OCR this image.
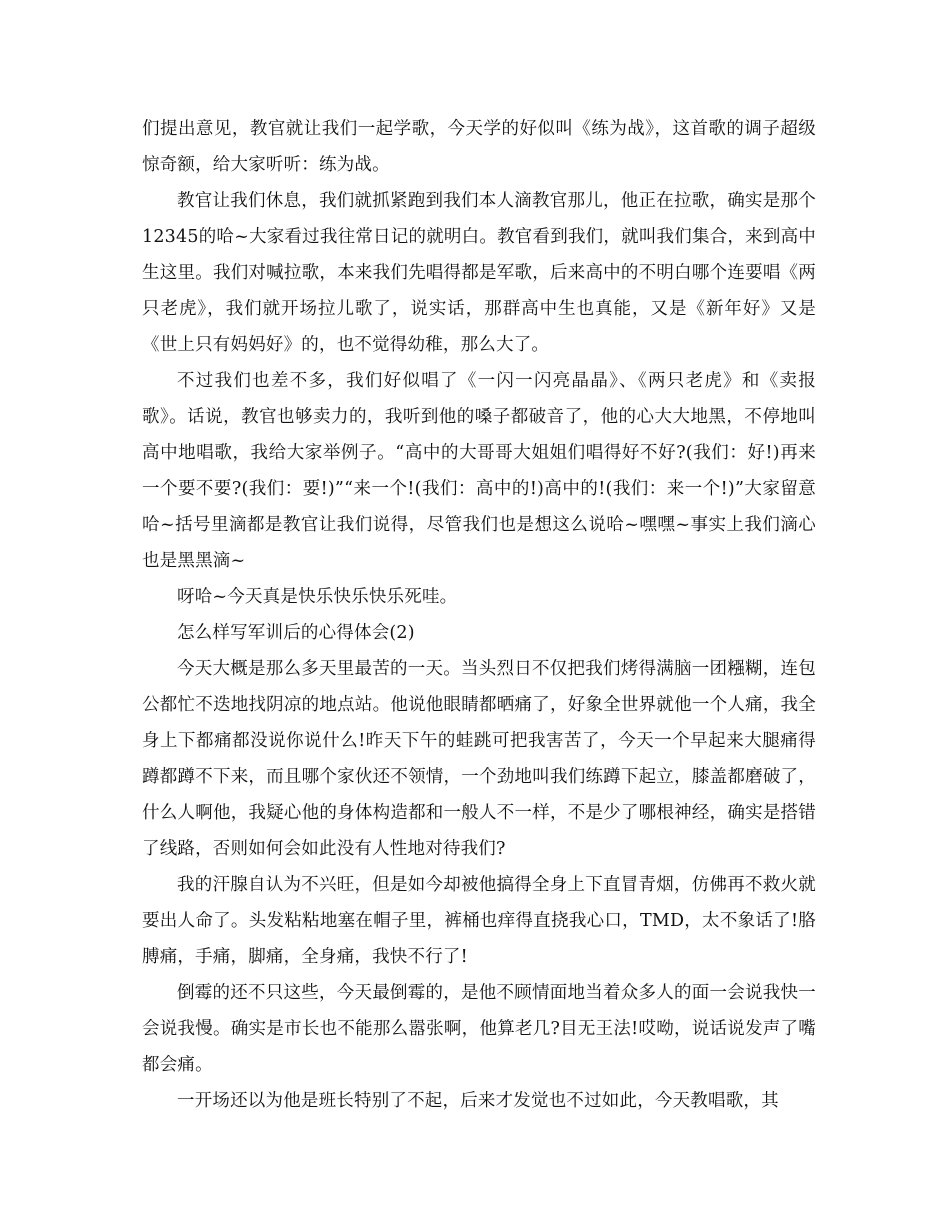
们提出意见，教官就让我们一起学歌，今天学的好似叫《练为战》，这首歌的调子超级惊奇额，给大家听听：练为战。

教官让我们休息，我们就抓紧跑到我们本人滴教官那儿，他正在拉歌，确实是那个12345的哈~大家看过我往常日记的就明白。教官看到我们，就叫我们集合，来到高中生这里。我们对喊拉歌，本来我们先唱得都是军歌，后来高中的不明白哪个连要唱《两只老虎》，我们就开场拉儿歌了，说实话，那群高中生也真能，又是《新年好》又是《世上只有妈妈好》的，也不觉得幼稚，那么大了。

不过我们也差不多，我们好似唱了《一闪一闪亮晶晶》、《两只老虎》和《卖报歌》。话说，教官也够卖力的，我听到他的嗓子都破音了，他的心大大地黑，不停地叫高中地唱歌，我给大家举例子。“高中的大哥哥大姐姐们唱得好不好?(我们：好!)再来一个要不要?(我们：要!)”“来一个!(我们：高中的!)高中的!(我们：来一个!)”大家留意哈~括号里滴都是教官让我们说得，尽管我们也是想这么说哈~嘿嘿~事实上我们滴心也是黑黑滴~

呀哈~今天真是快乐快乐快乐死哇。

怎么样写军训后的心得体会(2)

今天大概是那么多天里最苦的一天。当头烈日不仅把我们烤得满脑一团糨糊，连包公都忙不迭地找阴凉的地点站。他说他眼睛都晒痛了，好象全世界就他一个人痛，我全身上下都痛都没说你说什么!昨天下午的蛙跳可把我害苦了，今天一个早起来大腿痛得蹲都蹲不下来，而且哪个家伙还不领情，一个劲地叫我们练蹲下起立，膝盖都磨破了，什么人啊他，我疑心他的身体构造都和一般人不一样，不是少了哪根神经，确实是搭错了线路，否则如何会如此没有人性地对待我们?

我的汗腺自认为不兴旺，但是如今却被他搞得全身上下直冒青烟，仿佛再不救火就要出人命了。头发粘粘地塞在帽子里，裤桶也痒得直挠我心口，TMD，太不象话了!胳膊痛，手痛，脚痛，全身痛，我快不行了!

倒霉的还不只这些，今天最倒霉的，是他不顾情面地当着众多人的面一会说我快一会说我慢。确实是市长也不能那么嚣张啊，他算老几?目无王法!哎呦，说话说发声了嘴都会痛。

一开场还以为他是班长特别了不起，后来才发觉也不过如此，今天教唱歌，其
